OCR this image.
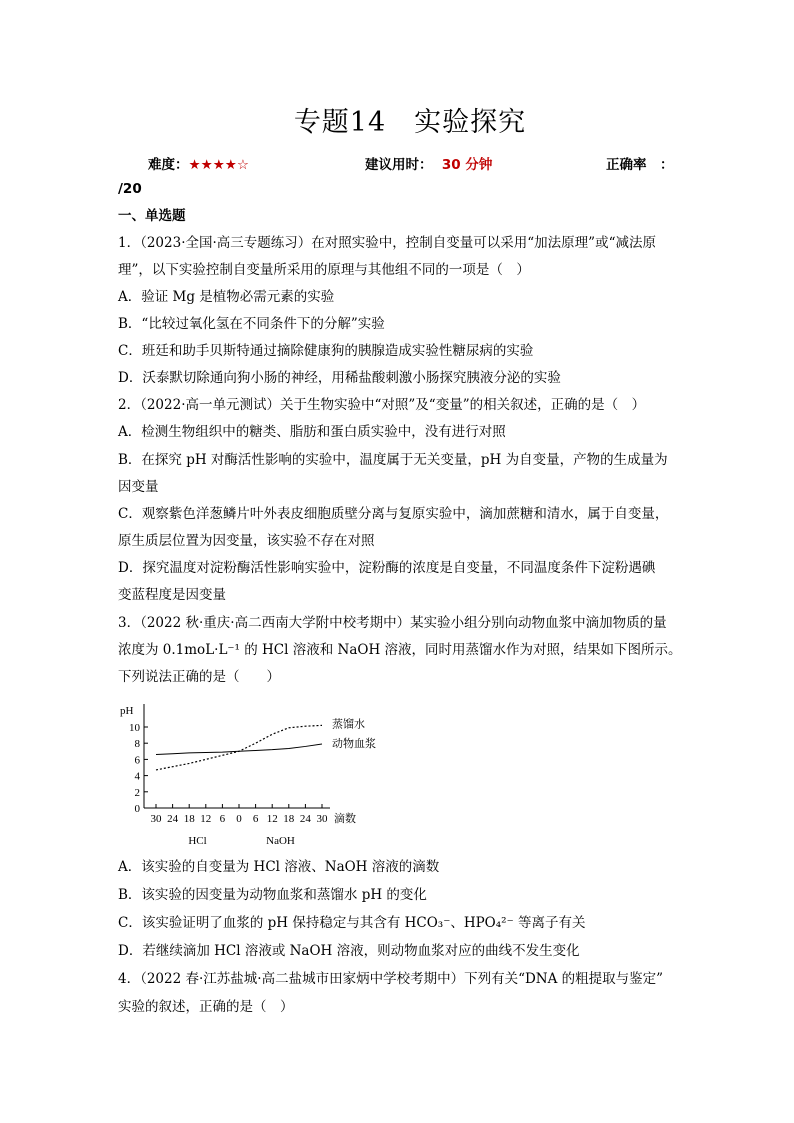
专题14　实验探究
难度：★★★★☆	建议用时： 30 分钟	正确率　：
/20
一、单选题
1．（2023·全国·高三专题练习）在对照实验中，控制自变量可以采用“加法原理”或“减法原
理”，以下实验控制自变量所采用的原理与其他组不同的一项是（　）
A．验证 Mg 是植物必需元素的实验
B．“比较过氧化氢在不同条件下的分解”实验
C．班廷和助手贝斯特通过摘除健康狗的胰腺造成实验性糖尿病的实验
D．沃泰默切除通向狗小肠的神经，用稀盐酸刺激小肠探究胰液分泌的实验
2．（2022·高一单元测试）关于生物实验中“对照”及“变量”的相关叙述，正确的是（　）
A．检测生物组织中的糖类、脂肪和蛋白质实验中，没有进行对照
B．在探究 pH 对酶活性影响的实验中，温度属于无关变量，pH 为自变量，产物的生成量为
因变量
C．观察紫色洋葱鳞片叶外表皮细胞质壁分离与复原实验中，滴加蔗糖和清水，属于自变量，
原生质层位置为因变量，该实验不存在对照
D．探究温度对淀粉酶活性影响实验中，淀粉酶的浓度是自变量，不同温度条件下淀粉遇碘
变蓝程度是因变量
3．（2022 秋·重庆·高二西南大学附中校考期中）某实验小组分别向动物血浆中滴加物质的量
浓度为 0.1moL·L⁻¹ 的 HCl 溶液和 NaOH 溶液，同时用蒸馏水作为对照，结果如下图所示。
下列说法正确的是（　　）
0
2
4
6
8
10
30 24 18 12 6 0 6 12 18 24 30
pH
滴数
HCl	NaOH
蒸馏水
动物血浆
A．该实验的自变量为 HCl 溶液、NaOH 溶液的滴数
B．该实验的因变量为动物血浆和蒸馏水 pH 的变化
C．该实验证明了血浆的 pH 保持稳定与其含有 HCO₃⁻、HPO₄²⁻ 等离子有关
D．若继续滴加 HCl 溶液或 NaOH 溶液，则动物血浆对应的曲线不发生变化
4．（2022 春·江苏盐城·高二盐城市田家炳中学校考期中）下列有关“DNA 的粗提取与鉴定”
实验的叙述，正确的是（　）
